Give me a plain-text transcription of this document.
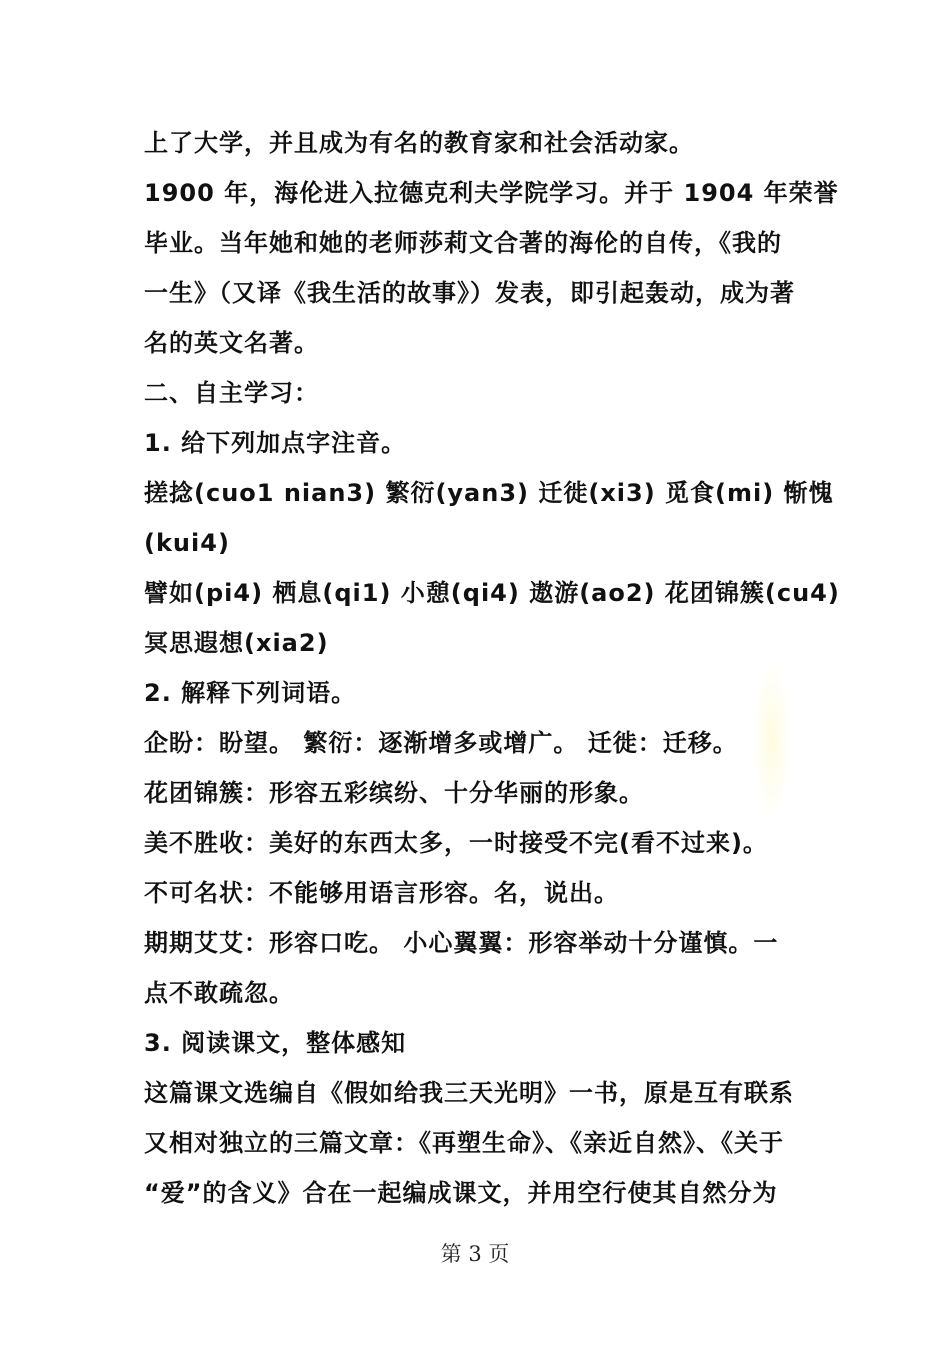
上了大学，并且成为有名的教育家和社会活动家。
1900 年，海伦进入拉德克利夫学院学习。并于 1904 年荣誉
毕业。当年她和她的老师莎莉文合著的海伦的自传，《我的
一生》（又译《我生活的故事》）发表，即引起轰动，成为著
名的英文名著。
二、自主学习：
1. 给下列加点字注音。
搓捻(cuo1 nian3) 繁衍(yan3) 迁徙(xi3) 觅食(mi) 惭愧
(kui4)
譬如(pi4) 栖息(qi1) 小憩(qi4) 遨游(ao2) 花团锦簇(cu4)
冥思遐想(xia2)
2. 解释下列词语。
企盼：盼望。 繁衍：逐渐增多或增广。 迁徙：迁移。
花团锦簇：形容五彩缤纷、十分华丽的形象。
美不胜收：美好的东西太多，一时接受不完(看不过来)。
不可名状：不能够用语言形容。名，说出。
期期艾艾：形容口吃。 小心翼翼：形容举动十分谨慎。一
点不敢疏忽。
3. 阅读课文，整体感知
这篇课文选编自《假如给我三天光明》一书，原是互有联系
又相对独立的三篇文章：《再塑生命》、《亲近自然》、《关于
“爱”的含义》合在一起编成课文，并用空行使其自然分为
第 3 页
